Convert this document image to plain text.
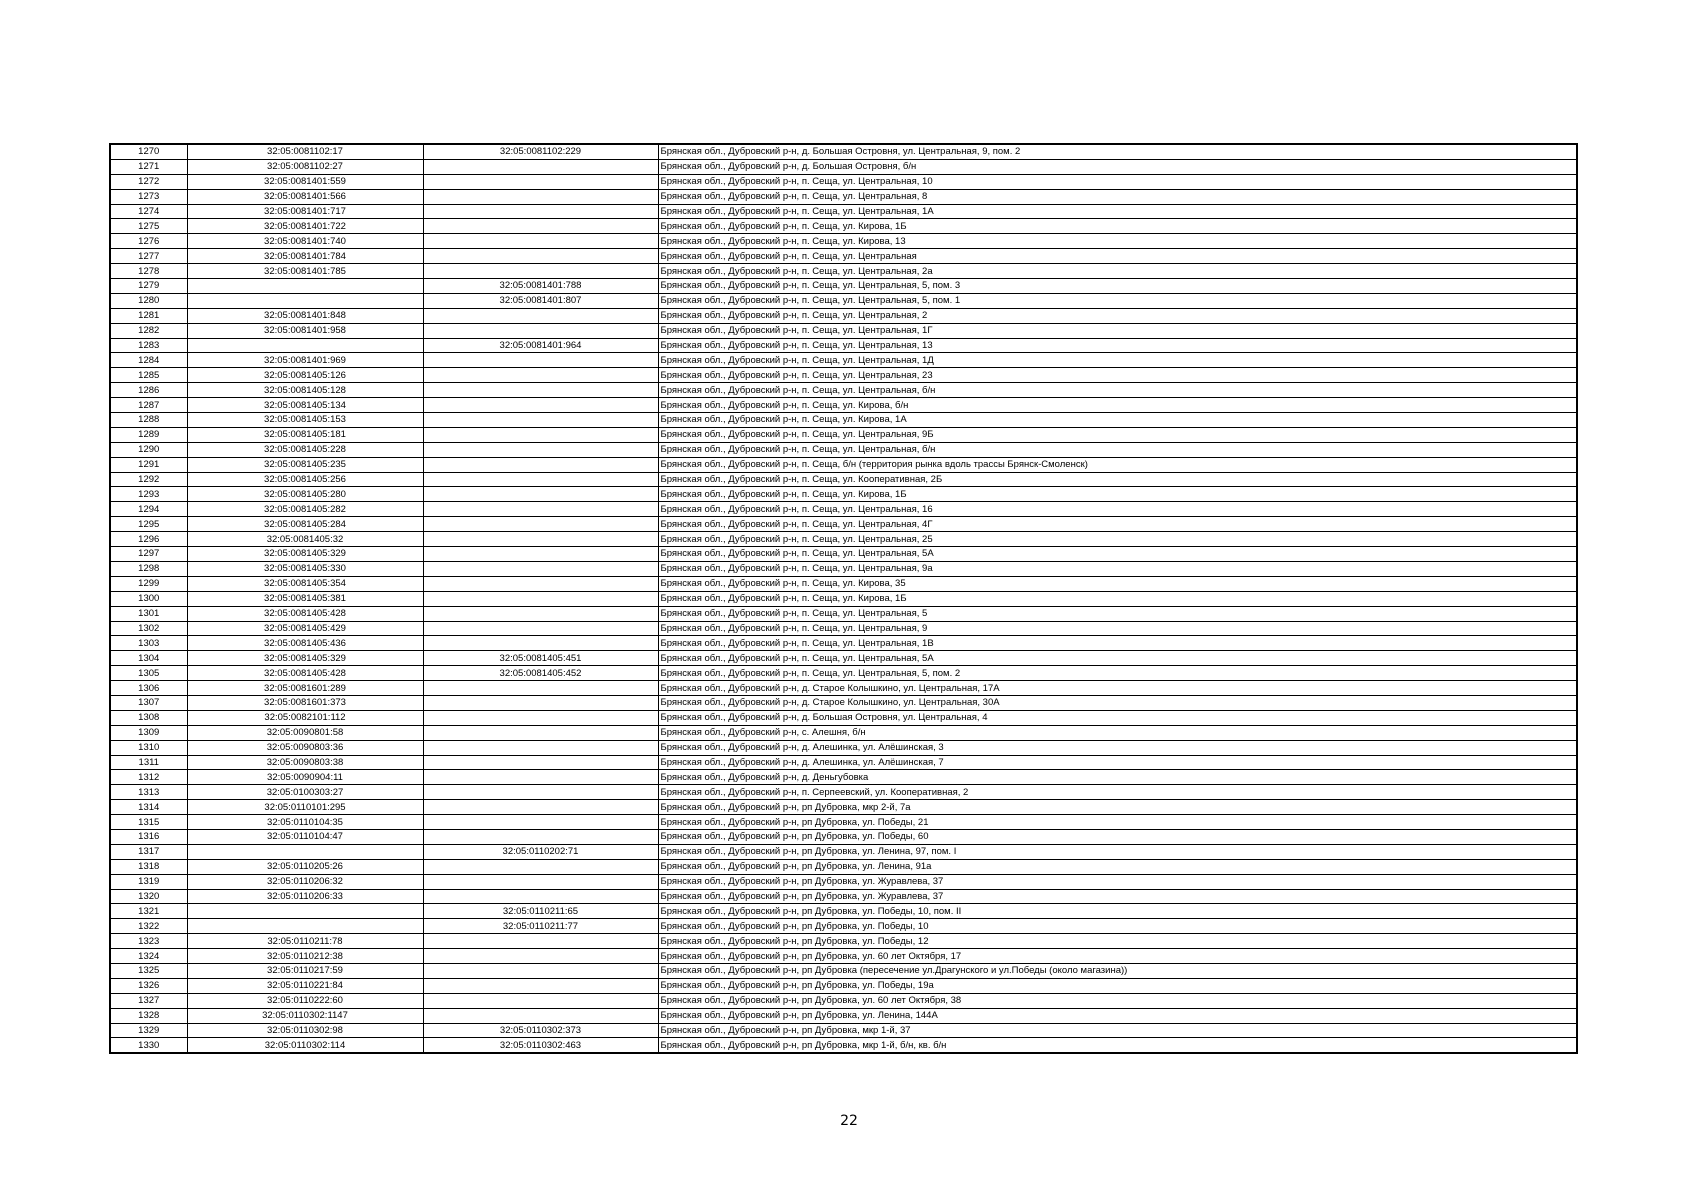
1270	32:05:0081102:17	32:05:0081102:229	Брянская обл., Дубровский р-н, д. Большая Островня, ул. Центральная, 9, пом. 2
1271	32:05:0081102:27		Брянская обл., Дубровский р-н, д. Большая Островня, б/н
1272	32:05:0081401:559		Брянская обл., Дубровский р-н, п. Сеща, ул. Центральная, 10
1273	32:05:0081401:566		Брянская обл., Дубровский р-н, п. Сеща, ул. Центральная, 8
1274	32:05:0081401:717		Брянская обл., Дубровский р-н, п. Сеща, ул. Центральная, 1А
1275	32:05:0081401:722		Брянская обл., Дубровский р-н, п. Сеща, ул. Кирова, 1Б
1276	32:05:0081401:740		Брянская обл., Дубровский р-н, п. Сеща, ул. Кирова, 13
1277	32:05:0081401:784		Брянская обл., Дубровский р-н, п. Сеща, ул. Центральная
1278	32:05:0081401:785		Брянская обл., Дубровский р-н, п. Сеща, ул. Центральная, 2а
1279		32:05:0081401:788	Брянская обл., Дубровский р-н, п. Сеща, ул. Центральная, 5, пом. 3
1280		32:05:0081401:807	Брянская обл., Дубровский р-н, п. Сеща, ул. Центральная, 5, пом. 1
1281	32:05:0081401:848		Брянская обл., Дубровский р-н, п. Сеща, ул. Центральная, 2
1282	32:05:0081401:958		Брянская обл., Дубровский р-н, п. Сеща, ул. Центральная, 1Г
1283		32:05:0081401:964	Брянская обл., Дубровский р-н, п. Сеща, ул. Центральная, 13
1284	32:05:0081401:969		Брянская обл., Дубровский р-н, п. Сеща, ул. Центральная, 1Д
1285	32:05:0081405:126		Брянская обл., Дубровский р-н, п. Сеща, ул. Центральная, 23
1286	32:05:0081405:128		Брянская обл., Дубровский р-н, п. Сеща, ул. Центральная, б/н
1287	32:05:0081405:134		Брянская обл., Дубровский р-н, п. Сеща, ул. Кирова, б/н
1288	32:05:0081405:153		Брянская обл., Дубровский р-н, п. Сеща, ул. Кирова, 1А
1289	32:05:0081405:181		Брянская обл., Дубровский р-н, п. Сеща, ул. Центральная, 9Б
1290	32:05:0081405:228		Брянская обл., Дубровский р-н, п. Сеща, ул. Центральная, б/н
1291	32:05:0081405:235		Брянская обл., Дубровский р-н, п. Сеща, б/н (территория рынка вдоль трассы Брянск-Смоленск)
1292	32:05:0081405:256		Брянская обл., Дубровский р-н, п. Сеща, ул. Кооперативная, 2Б
1293	32:05:0081405:280		Брянская обл., Дубровский р-н, п. Сеща, ул. Кирова, 1Б
1294	32:05:0081405:282		Брянская обл., Дубровский р-н, п. Сеща, ул. Центральная, 16
1295	32:05:0081405:284		Брянская обл., Дубровский р-н, п. Сеща, ул. Центральная, 4Г
1296	32:05:0081405:32		Брянская обл., Дубровский р-н, п. Сеща, ул. Центральная, 25
1297	32:05:0081405:329		Брянская обл., Дубровский р-н, п. Сеща, ул. Центральная, 5А
1298	32:05:0081405:330		Брянская обл., Дубровский р-н, п. Сеща, ул. Центральная, 9а
1299	32:05:0081405:354		Брянская обл., Дубровский р-н, п. Сеща, ул. Кирова, 35
1300	32:05:0081405:381		Брянская обл., Дубровский р-н, п. Сеща, ул. Кирова, 1Б
1301	32:05:0081405:428		Брянская обл., Дубровский р-н, п. Сеща, ул. Центральная, 5
1302	32:05:0081405:429		Брянская обл., Дубровский р-н, п. Сеща, ул. Центральная, 9
1303	32:05:0081405:436		Брянская обл., Дубровский р-н, п. Сеща, ул. Центральная, 1В
1304	32:05:0081405:329	32:05:0081405:451	Брянская обл., Дубровский р-н, п. Сеща, ул. Центральная, 5А
1305	32:05:0081405:428	32:05:0081405:452	Брянская обл., Дубровский р-н, п. Сеща, ул. Центральная, 5, пом. 2
1306	32:05:0081601:289		Брянская обл., Дубровский р-н, д. Старое Колышкино, ул. Центральная, 17А
1307	32:05:0081601:373		Брянская обл., Дубровский р-н, д. Старое Колышкино, ул. Центральная, 30А
1308	32:05:0082101:112		Брянская обл., Дубровский р-н, д. Большая Островня, ул. Центральная, 4
1309	32:05:0090801:58		Брянская обл., Дубровский р-н, с. Алешня, б/н
1310	32:05:0090803:36		Брянская обл., Дубровский р-н, д. Алешинка, ул. Алёшинская, 3
1311	32:05:0090803:38		Брянская обл., Дубровский р-н, д. Алешинка, ул. Алёшинская, 7
1312	32:05:0090904:11		Брянская обл., Дубровский р-н, д. Деньгубовка
1313	32:05:0100303:27		Брянская обл., Дубровский р-н, п. Серпеевский, ул. Кооперативная, 2
1314	32:05:0110101:295		Брянская обл., Дубровский р-н, рп Дубровка, мкр 2-й, 7а
1315	32:05:0110104:35		Брянская обл., Дубровский р-н, рп Дубровка, ул. Победы, 21
1316	32:05:0110104:47		Брянская обл., Дубровский р-н, рп Дубровка, ул. Победы, 60
1317		32:05:0110202:71	Брянская обл., Дубровский р-н, рп Дубровка, ул. Ленина, 97, пом. I
1318	32:05:0110205:26		Брянская обл., Дубровский р-н, рп Дубровка, ул. Ленина, 91а
1319	32:05:0110206:32		Брянская обл., Дубровский р-н, рп Дубровка, ул. Журавлева, 37
1320	32:05:0110206:33		Брянская обл., Дубровский р-н, рп Дубровка, ул. Журавлева, 37
1321		32:05:0110211:65	Брянская обл., Дубровский р-н, рп Дубровка, ул. Победы, 10, пом. II
1322		32:05:0110211:77	Брянская обл., Дубровский р-н, рп Дубровка, ул. Победы, 10
1323	32:05:0110211:78		Брянская обл., Дубровский р-н, рп Дубровка, ул. Победы, 12
1324	32:05:0110212:38		Брянская обл., Дубровский р-н, рп Дубровка, ул. 60 лет Октября, 17
1325	32:05:0110217:59		Брянская обл., Дубровский р-н, рп Дубровка (пересечение ул.Драгунского и ул.Победы (около магазина))
1326	32:05:0110221:84		Брянская обл., Дубровский р-н, рп Дубровка, ул. Победы, 19а
1327	32:05:0110222:60		Брянская обл., Дубровский р-н, рп Дубровка, ул. 60 лет Октября, 38
1328	32:05:0110302:1147		Брянская обл., Дубровский р-н, рп Дубровка, ул. Ленина, 144А
1329	32:05:0110302:98	32:05:0110302:373	Брянская обл., Дубровский р-н, рп Дубровка, мкр 1-й, 37
1330	32:05:0110302:114	32:05:0110302:463	Брянская обл., Дубровский р-н, рп Дубровка, мкр 1-й, б/н, кв. б/н
22
